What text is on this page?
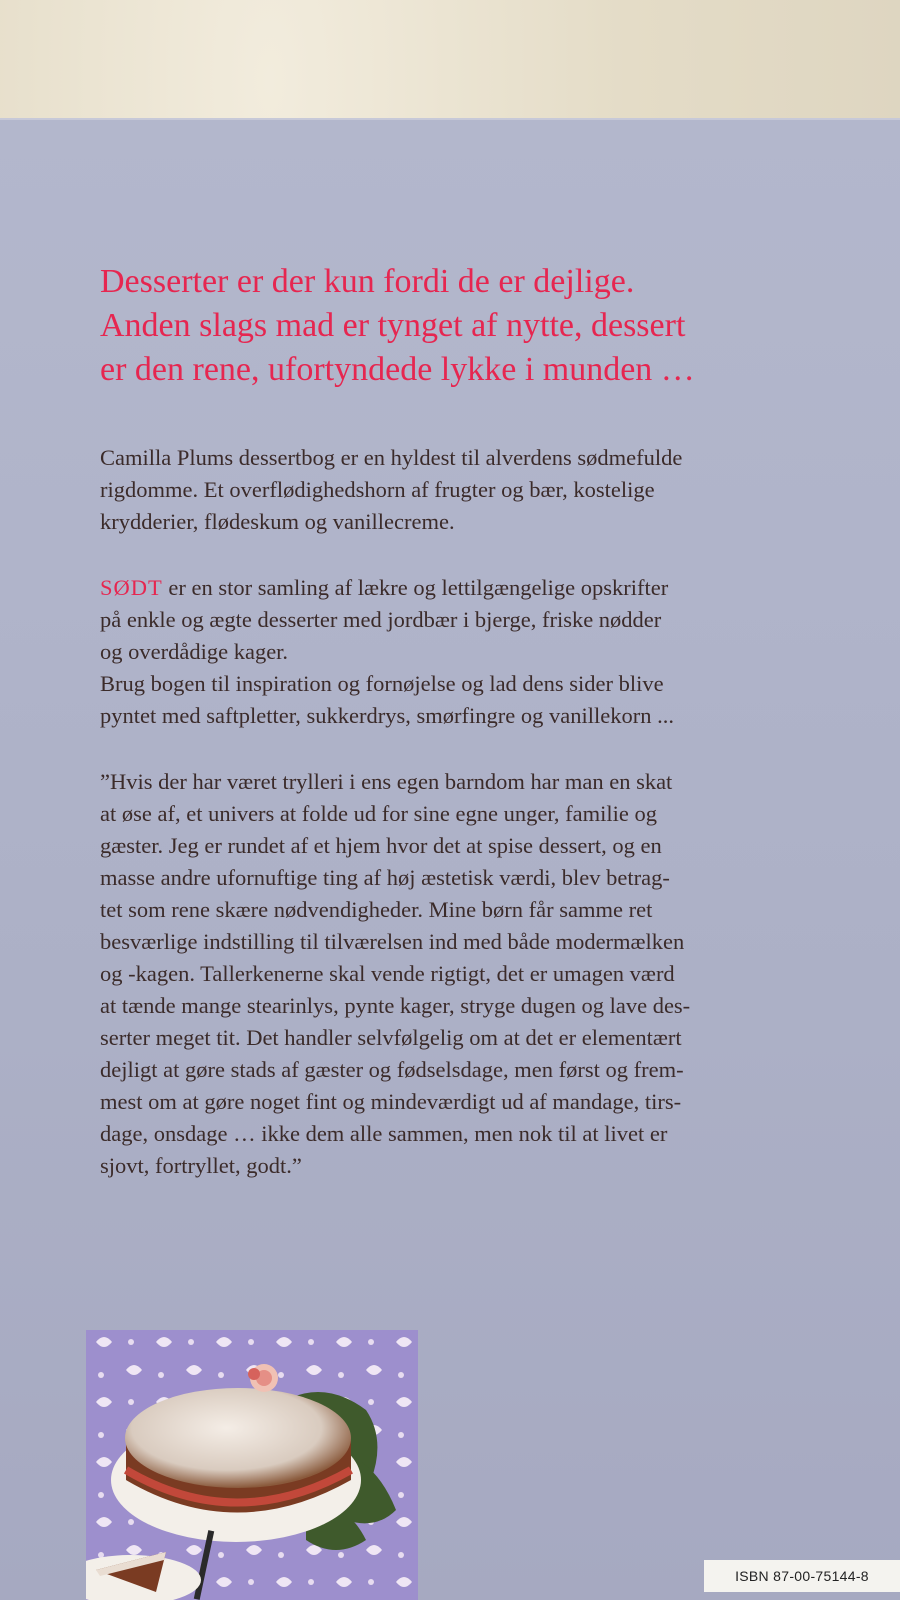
Desserter er der kun fordi de er dejlige.
Anden slags mad er tynget af nytte, dessert
er den rene, ufortyndede lykke i munden …
Camilla Plums dessertbog er en hyldest til alverdens sødmefulde
rigdomme. Et overflødighedshorn af frugter og bær, kostelige
krydderier, flødeskum og vanillecreme.
SØDT er en stor samling af lækre og lettilgængelige opskrifter
på enkle og ægte desserter med jordbær i bjerge, friske nødder
og overdådige kager.
Brug bogen til inspiration og fornøjelse og lad dens sider blive
pyntet med saftpletter, sukkerdrys, smørfingre og vanillekorn ...
”Hvis der har været trylleri i ens egen barndom har man en skat
at øse af, et univers at folde ud for sine egne unger, familie og
gæster. Jeg er rundet af et hjem hvor det at spise dessert, og en
masse andre ufornuftige ting af høj æstetisk værdi, blev betrag-
tet som rene skære nødvendigheder. Mine børn får samme ret
besværlige indstilling til tilværelsen ind med både modermælken
og -kagen. Tallerkenerne skal vende rigtigt, det er umagen værd
at tænde mange stearinlys, pynte kager, stryge dugen og lave des-
serter meget tit. Det handler selvfølgelig om at det er elementært
dejligt at gøre stads af gæster og fødselsdage, men først og frem-
mest om at gøre noget fint og mindeværdigt ud af mandage, tirs-
dage, onsdage … ikke dem alle sammen, men nok til at livet er
sjovt, fortryllet, godt.”
ISBN 87-00-75144-8
